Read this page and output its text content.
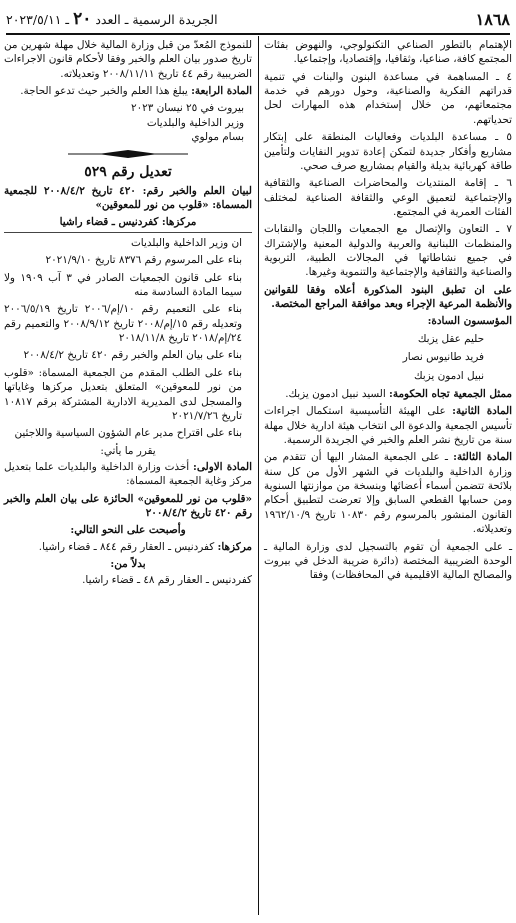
١٨٦٨
الجريدة الرسمية ـ العدد
٢٠
ـ ٢٠٢٣/٥/١١

الإهتمام بالتطور الصناعي التكنولوجي، والنهوض بفئات المجتمع كافة، صناعيا، وثقافيا، وإقتصاديا، وإجتماعيا.

٤ ـ المساهمة في مساعدة البنون والبنات في تنمية قدراتهم الفكرية والصناعية، وحول دورهم في خدمة مجتمعاتهم، من خلال إستخدام هذه المهارات لحل تحدياتهم.

٥ ـ مساعدة البلديات وفعاليات المنطقة على إبتكار مشاريع وأفكار جديدة لتمكن إعادة تدوير النفايات ولتأمين طاقة كهربائية بديلة والقيام بمشاريع صرف صحي.

٦ ـ إقامة المنتديات والمحاضرات الصناعية والثقافية والإجتماعية لتعميق الوعي والثقافة الصناعية لمختلف الفئات العمرية في المجتمع.

٧ ـ التعاون والإتصال مع الجمعيات واللجان والنقابات والمنظمات اللبنانية والعربية والدولية المعنية والإشتراك في جميع نشاطاتها في المجالات الطبية، التربوية والصناعية والثقافية والإجتماعية والتنموية وغيرها.

على ان تطبق البنود المذكورة أعلاه وفقا للقوانين والأنظمة المرعية الإجراء وبعد موافقة المراجع المختصة.

المؤسسون السادة:

حليم عقل يزبك

فريد طانيوس نصار

نبيل ادمون يزبك

ممثل الجمعية تجاه الحكومة: السيد نبيل ادمون يزبك.

المادة الثانية: على الهيئة التأسيسية استكمال اجراءات تأسيس الجمعية والدعوة الى انتخاب هيئة ادارية خلال مهلة سنة من تاريخ نشر العلم والخبر في الجريدة الرسمية.

المادة الثالثة: ـ على الجمعية المشار اليها أن تتقدم من وزارة الداخلية والبلديات في الشهر الأول من كل سنة بلائحة تتضمن أسماء أعضائها وبنسخة من موازنتها السنوية ومن حسابها القطعي السابق وإلا تعرضت لتطبيق أحكام القانون المنشور بالمرسوم رقم ١٠٨٣٠ تاريخ ١٩٦٢/١٠/٩ وتعديلاته.

ـ على الجمعية أن تقوم بالتسجيل لدى وزارة المالية ـ الوحدة الضريبية المختصة (دائرة ضريبة الدخل في بيروت والمصالح المالية الاقليمية في المحافظات) وفقا

للنموذج المُعدّ من قبل وزارة المالية خلال مهلة شهرين من تاريخ صدور بيان العلم والخبر وفقا لأحكام قانون الاجراءات الضريبية رقم ٤٤ تاريخ ٢٠٠٨/١١/١١ وتعديلاته.

المادة الرابعة: يبلغ هذا العلم والخبر حيث تدعو الحاجة.

بيروت في ٢٥ نيسان ٢٠٢٣

وزير الداخلية والبلديات

بسام مولوي

تعديل رقم ٥٢٩

لبيان العلم والخبر رقم: ٤٢٠ تاريخ ٢٠٠٨/٤/٢ للجمعية المسماة: «قلوب من نور للمعوقين»

مركزها: كفردنيس ـ قضاء راشيا

ان وزير الداخلية والبلديات

بناء على المرسوم رقم ٨٣٧٦ تاريخ ٢٠٢١/٩/١٠

بناء على قانون الجمعيات الصادر في ٣ آب ١٩٠٩ ولا سيما المادة السادسة منه

بناء على التعميم رقم ١٠/إم/٢٠٠٦ تاريخ ٢٠٠٦/٥/١٩ وتعديله رقم ١٥/إم/٢٠٠٨ تاريخ ٢٠٠٨/٩/١٢ والتعميم رقم ٢٤/إم/٢٠١٨ تاريخ ٢٠١٨/١١/٨

بناء على بيان العلم والخبر رقم ٤٢٠ تاريخ ٢٠٠٨/٤/٢

بناء على الطلب المقدم من الجمعية المسماة: «قلوب من نور للمعوقين» المتعلق بتعديل مركزها وغاياتها والمسجل لدى المديرية الادارية المشتركة برقم ١٠٨١٧ تاريخ ٢٠٢١/٧/٢٦

بناء على اقتراح مدير عام الشؤون السياسية واللاجئين

يقرر ما يأتي:

المادة الاولى: أخذت وزارة الداخلية والبلديات علما بتعديل مركز وغاية الجمعية المسماة:

«قلوب من نور للمعوقين» الحائزة على بيان العلم والخبر رقم ٤٢٠ تاريخ ٢٠٠٨/٤/٢

وأصبحت على النحو التالي:

مركزها: كفردنيس ـ العقار رقم ٨٤٤ ـ قضاء راشيا.

بدلاً من:

كفردنيس ـ العقار رقم ٤٨ ـ قضاء راشيا.
